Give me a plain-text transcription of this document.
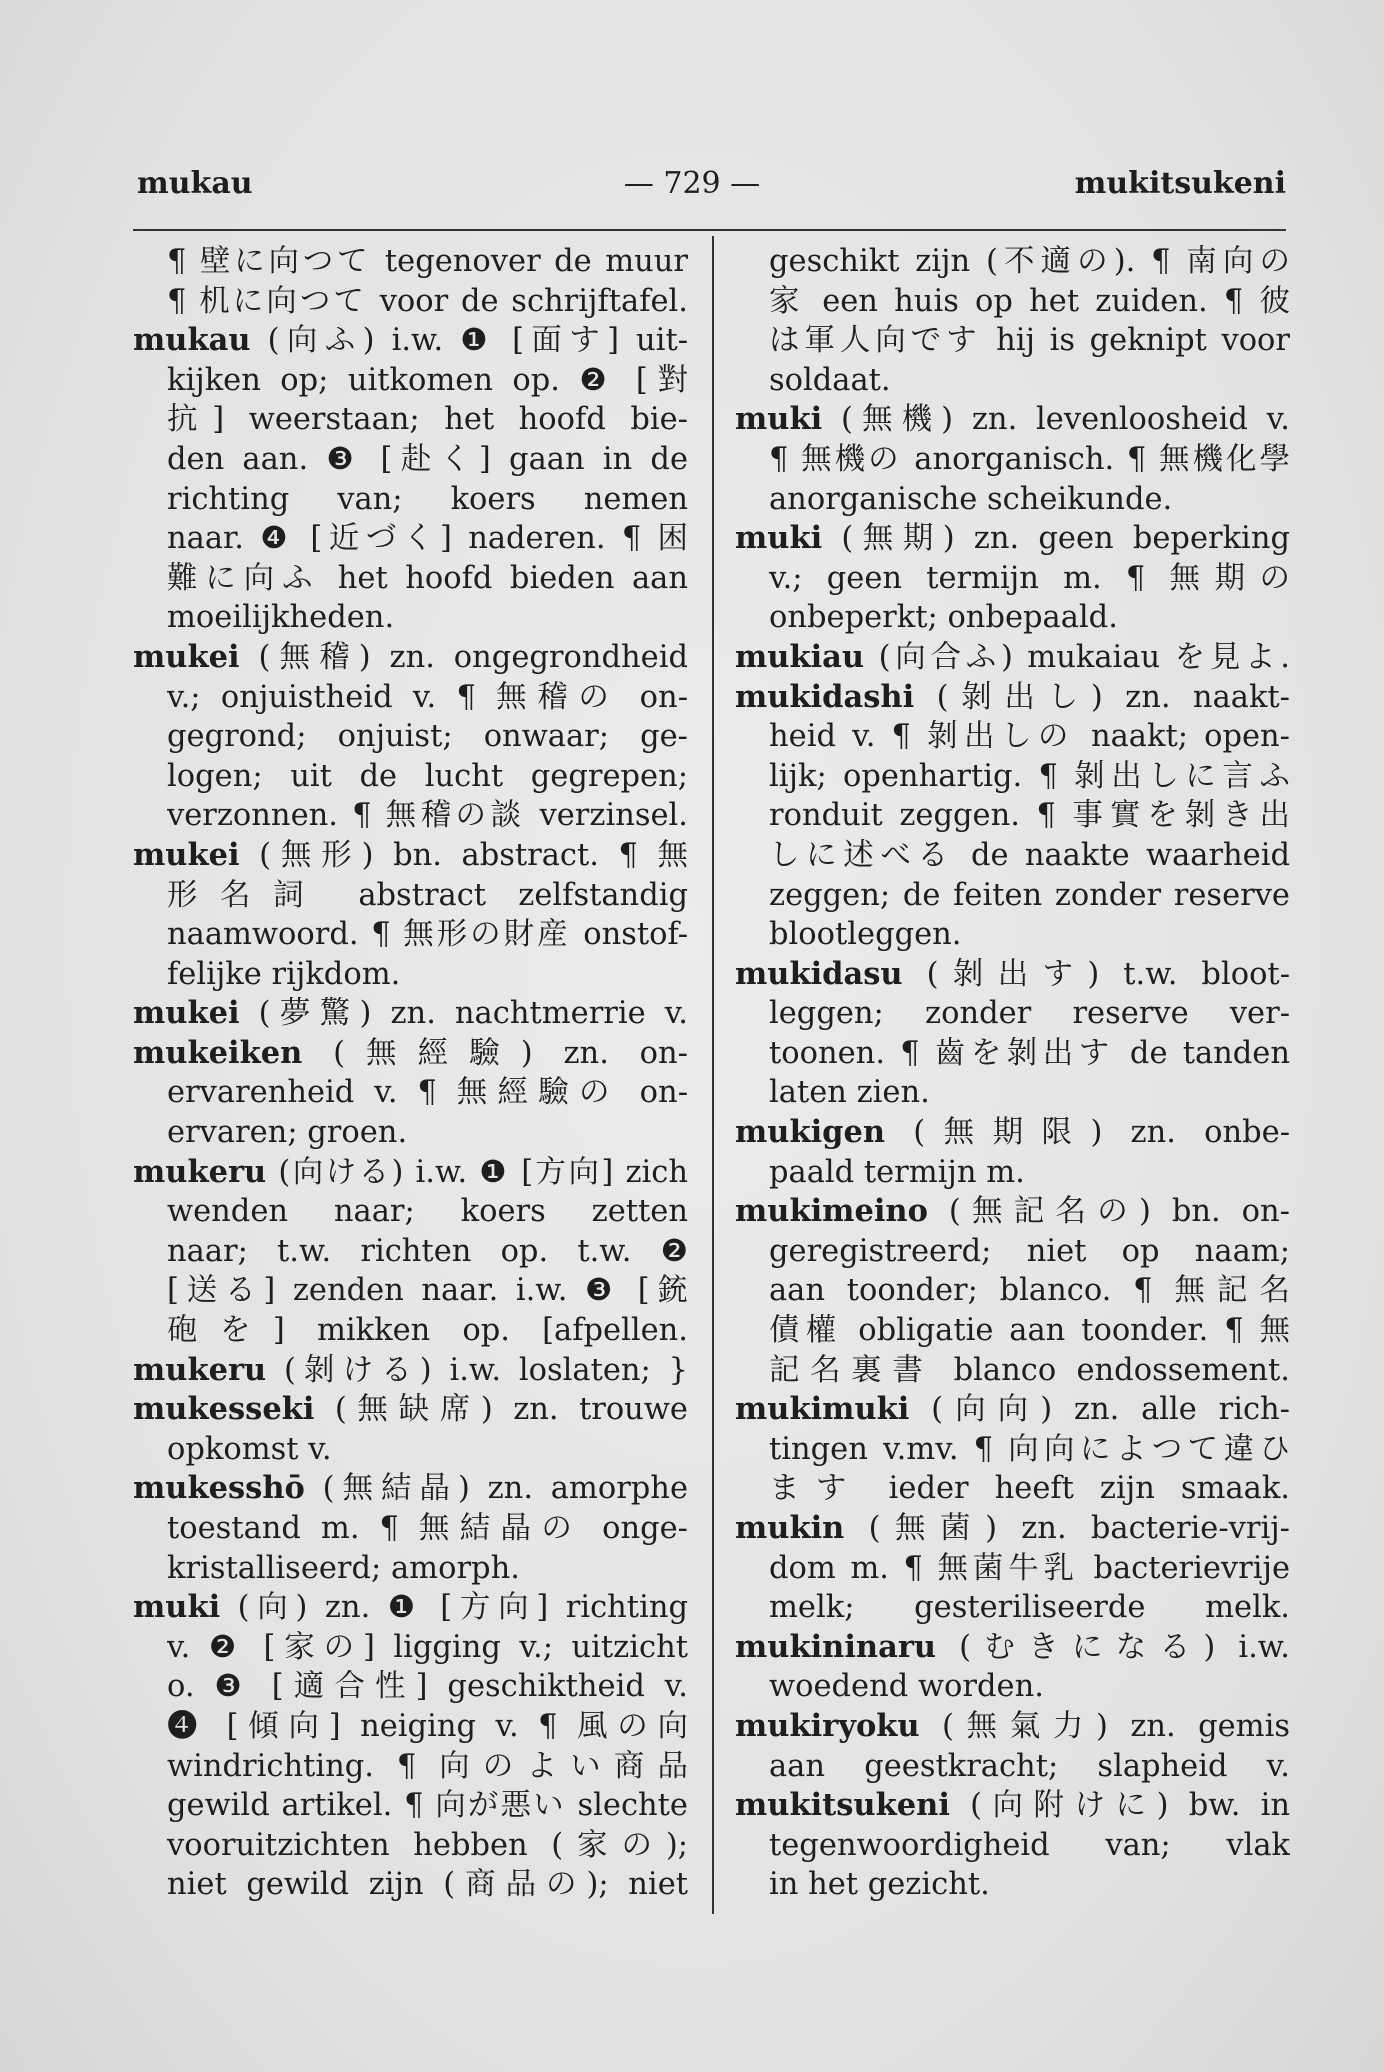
mukau	— 729 —	mukitsukeni
¶ 壁に向つて tegenover de muur
¶ 机に向つて voor de schrijftafel.
mukau (向ふ) i.w. ❶ [面す] uit-
kijken op; uitkomen op. ❷ [對
抗] weerstaan; het hoofd bie-
den aan. ❸ [赴く] gaan in de
richting van; koers nemen
naar. ❹ [近づく] naderen. ¶ 困
難に向ふ het hoofd bieden aan
moeilijkheden.
mukei (無稽) zn. ongegrondheid
v.; onjuistheid v. ¶ 無稽の on-
gegrond; onjuist; onwaar; ge-
logen; uit de lucht gegrepen;
verzonnen. ¶ 無稽の談 verzinsel.
mukei (無形) bn. abstract. ¶ 無
形名詞 abstract zelfstandig
naamwoord. ¶ 無形の財産 onstof-
felijke rijkdom.
mukei (夢驚) zn. nachtmerrie v.
mukeiken (無經驗) zn. on-
ervarenheid v. ¶ 無經驗の on-
ervaren; groen.
mukeru (向ける) i.w. ❶ [方向] zich
wenden naar; koers zetten
naar; t.w. richten op. t.w. ❷
[送る] zenden naar. i.w. ❸ [銃
砲を] mikken op. [afpellen.
mukeru (剝ける) i.w. loslaten; }
mukesseki (無缺席) zn. trouwe
opkomst v.
mukesshō (無結晶) zn. amorphe
toestand m. ¶ 無結晶の onge-
kristalliseerd; amorph.
muki (向) zn. ❶ [方向] richting
v. ❷ [家の] ligging v.; uitzicht
o. ❸ [適合性] geschiktheid v.
❹ [傾向] neiging v. ¶ 風の向
windrichting. ¶ 向のよい商品
gewild artikel. ¶ 向が悪い slechte
vooruitzichten hebben (家の);
niet gewild zijn (商品の); niet
geschikt zijn (不適の). ¶ 南向の
家 een huis op het zuiden. ¶ 彼
は軍人向です hij is geknipt voor
soldaat.
muki (無機) zn. levenloosheid v.
¶ 無機の anorganisch. ¶ 無機化學
anorganische scheikunde.
muki (無期) zn. geen beperking
v.; geen termijn m. ¶ 無期の
onbeperkt; onbepaald.
mukiau (向合ふ) mukaiau を見よ.
mukidashi (剝出し) zn. naakt-
heid v. ¶ 剝出しの naakt; open-
lijk; openhartig. ¶ 剝出しに言ふ
ronduit zeggen. ¶ 事實を剝き出
しに述べる de naakte waarheid
zeggen; de feiten zonder reserve
blootleggen.
mukidasu (剝出す) t.w. bloot-
leggen; zonder reserve ver-
toonen. ¶ 齒を剝出す de tanden
laten zien.
mukigen (無期限) zn. onbe-
paald termijn m.
mukimeino (無記名の) bn. on-
geregistreerd; niet op naam;
aan toonder; blanco. ¶ 無記名
債權 obligatie aan toonder. ¶ 無
記名裏書 blanco endossement.
mukimuki (向向) zn. alle rich-
tingen v.mv. ¶ 向向によつて違ひ
ます ieder heeft zijn smaak.
mukin (無菌) zn. bacterie-vrij-
dom m. ¶ 無菌牛乳 bacterievrije
melk; gesteriliseerde melk.
mukininaru (むきになる) i.w.
woedend worden.
mukiryoku (無氣力) zn. gemis
aan geestkracht; slapheid v.
mukitsukeni (向附けに) bw. in
tegenwoordigheid van; vlak
in het gezicht.
